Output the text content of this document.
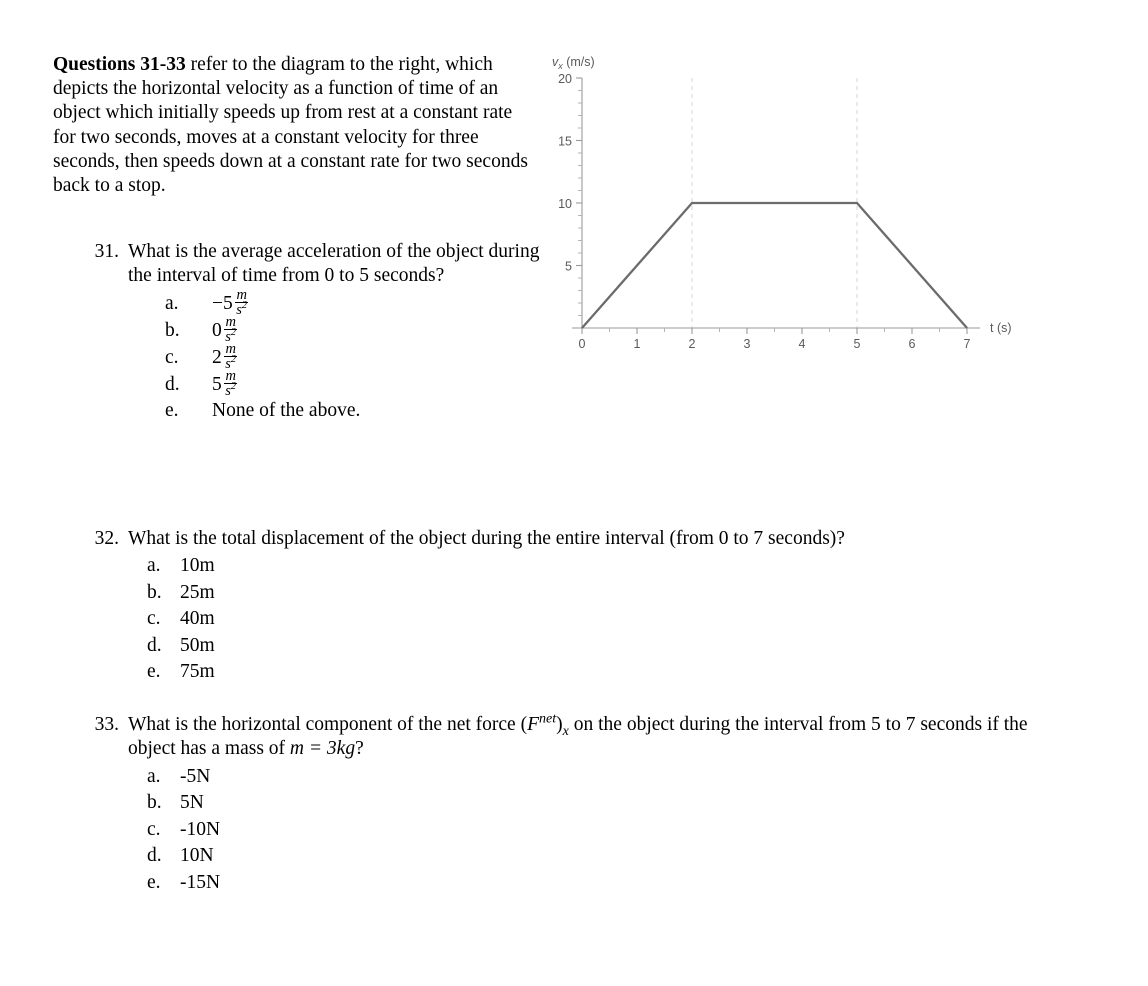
Questions 31-33 refer to the diagram to the right, which depicts the horizontal velocity as a function of time of an object which initially speeds up from rest at a constant rate for two seconds, moves at a constant velocity for three seconds, then speeds down at a constant rate for two seconds back to a stop.
31. What is the average acceleration of the object during the interval of time from 0 to 5 seconds?
a.	$-5 \frac{m}{s^2}$
b.	$0 \frac{m}{s^2}$
c.	$2 \frac{m}{s^2}$
d.	$5 \frac{m}{s^2}$
e.	None of the above.
32. What is the total displacement of the object during the entire interval (from 0 to 7 seconds)?
a. 10m
b. 25m
c. 40m
d. 50m
e. 75m
33. What is the horizontal component of the net force $(F^{net})_x$ on the object during the interval from 5 to 7 seconds if the object has a mass of m = 3kg?
a. -5N
b. 5N
c. -10N
d. 10N
e. -15N
$v_x$ (m/s)
20
15
10
5
0	1	2	3	4	5	6	7
t (s)
